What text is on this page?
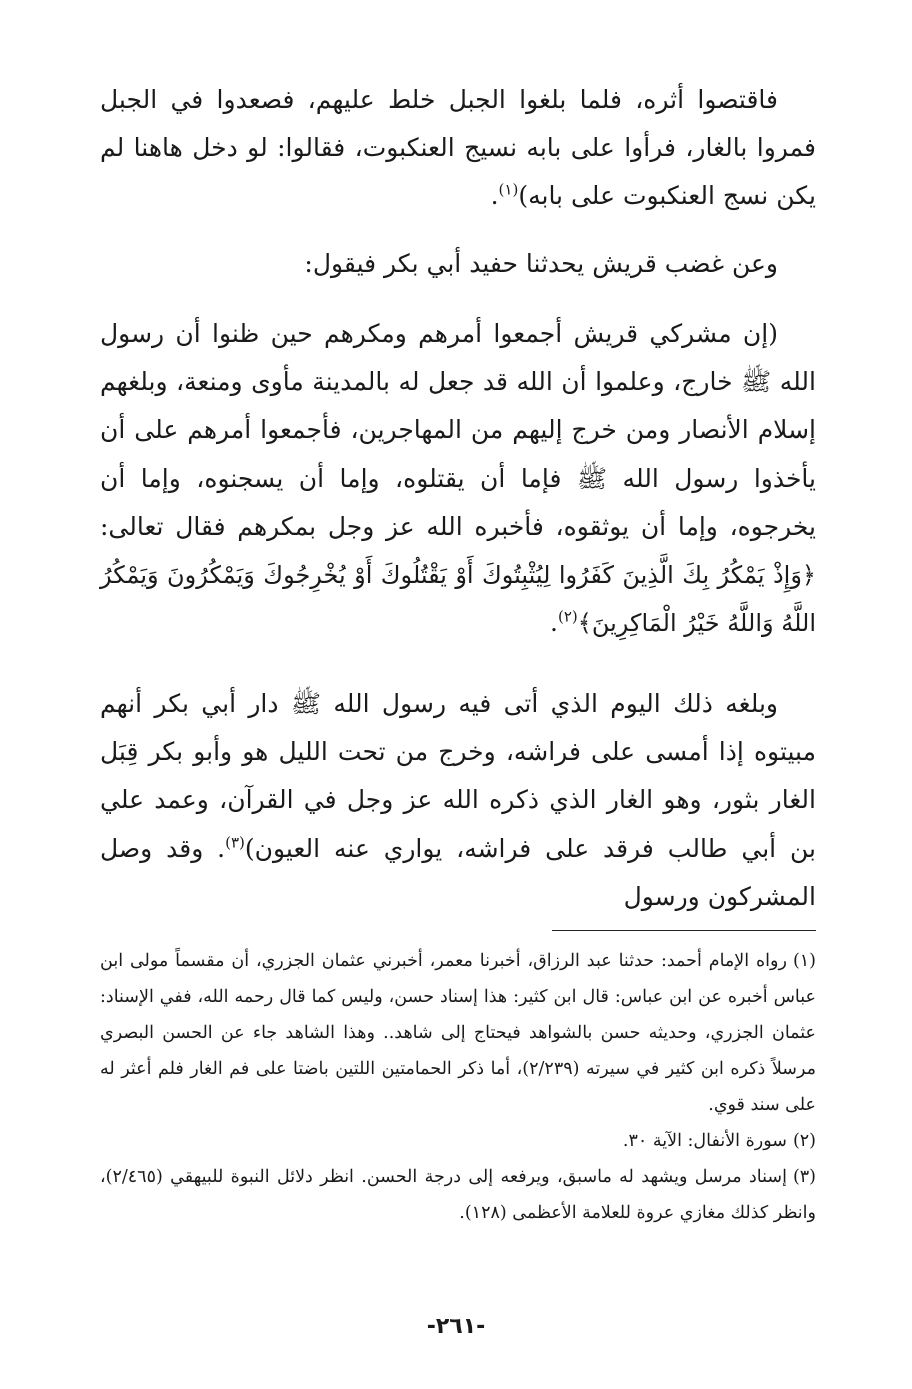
فاقتصوا أثره، فلما بلغوا الجبل خلط عليهم، فصعدوا في الجبل فمروا بالغار، فرأوا على بابه نسيج العنكبوت، فقالوا: لو دخل هاهنا لم يكن نسج العنكبوت على بابه)$^{(١)}$.

وعن غضب قريش يحدثنا حفيد أبي بكر فيقول:

(إن مشركي قريش أجمعوا أمرهم ومكرهم حين ظنوا أن رسول الله ﷺ خارج، وعلموا أن الله قد جعل له بالمدينة مأوى ومنعة، وبلغهم إسلام الأنصار ومن خرج إليهم من المهاجرين، فأجمعوا أمرهم على أن يأخذوا رسول الله ﷺ فإما أن يقتلوه، وإما أن يسجنوه، وإما أن يخرجوه، وإما أن يوثقوه، فأخبره الله عز وجل بمكرهم فقال تعالى: ﴿وَإِذْ يَمْكُرُ بِكَ الَّذِينَ كَفَرُوا لِيُثْبِتُوكَ أَوْ يَقْتُلُوكَ أَوْ يُخْرِجُوكَ وَيَمْكُرُونَ وَيَمْكُرُ اللَّهُ وَاللَّهُ خَيْرُ الْمَاكِرِينَ﴾$^{(٢)}$.

وبلغه ذلك اليوم الذي أتى فيه رسول الله ﷺ دار أبي بكر أنهم مبيتوه إذا أمسى على فراشه، وخرج من تحت الليل هو وأبو بكر قِبَل الغار بثور، وهو الغار الذي ذكره الله عز وجل في القرآن، وعمد علي بن أبي طالب فرقد على فراشه، يواري عنه العيون)$^{(٣)}$. وقد وصل المشركون ورسول

(١)رواه الإمام أحمد: حدثنا عبد الرزاق، أخبرنا معمر، أخبرني عثمان الجزري، أن مقسماً مولى ابن عباس أخبره عن ابن عباس: قال ابن كثير: هذا إسناد حسن، وليس كما قال رحمه الله، ففي الإسناد: عثمان الجزري، وحديثه حسن بالشواهد فيحتاج إلى شاهد.. وهذا الشاهد جاء عن الحسن البصري مرسلاً ذكره ابن كثير في سيرته (٢/٢٣٩)، أما ذكر الحمامتين اللتين باضتا على فم الغار فلم أعثر له على سند قوي.

(٢)سورة الأنفال: الآية ٣٠.

(٣)إسناد مرسل ويشهد له ماسبق، ويرفعه إلى درجة الحسن. انظر دلائل النبوة للبيهقي (٢/٤٦٥)، وانظر كذلك مغازي عروة للعلامة الأعظمى (١٢٨).

-٢٦١-
